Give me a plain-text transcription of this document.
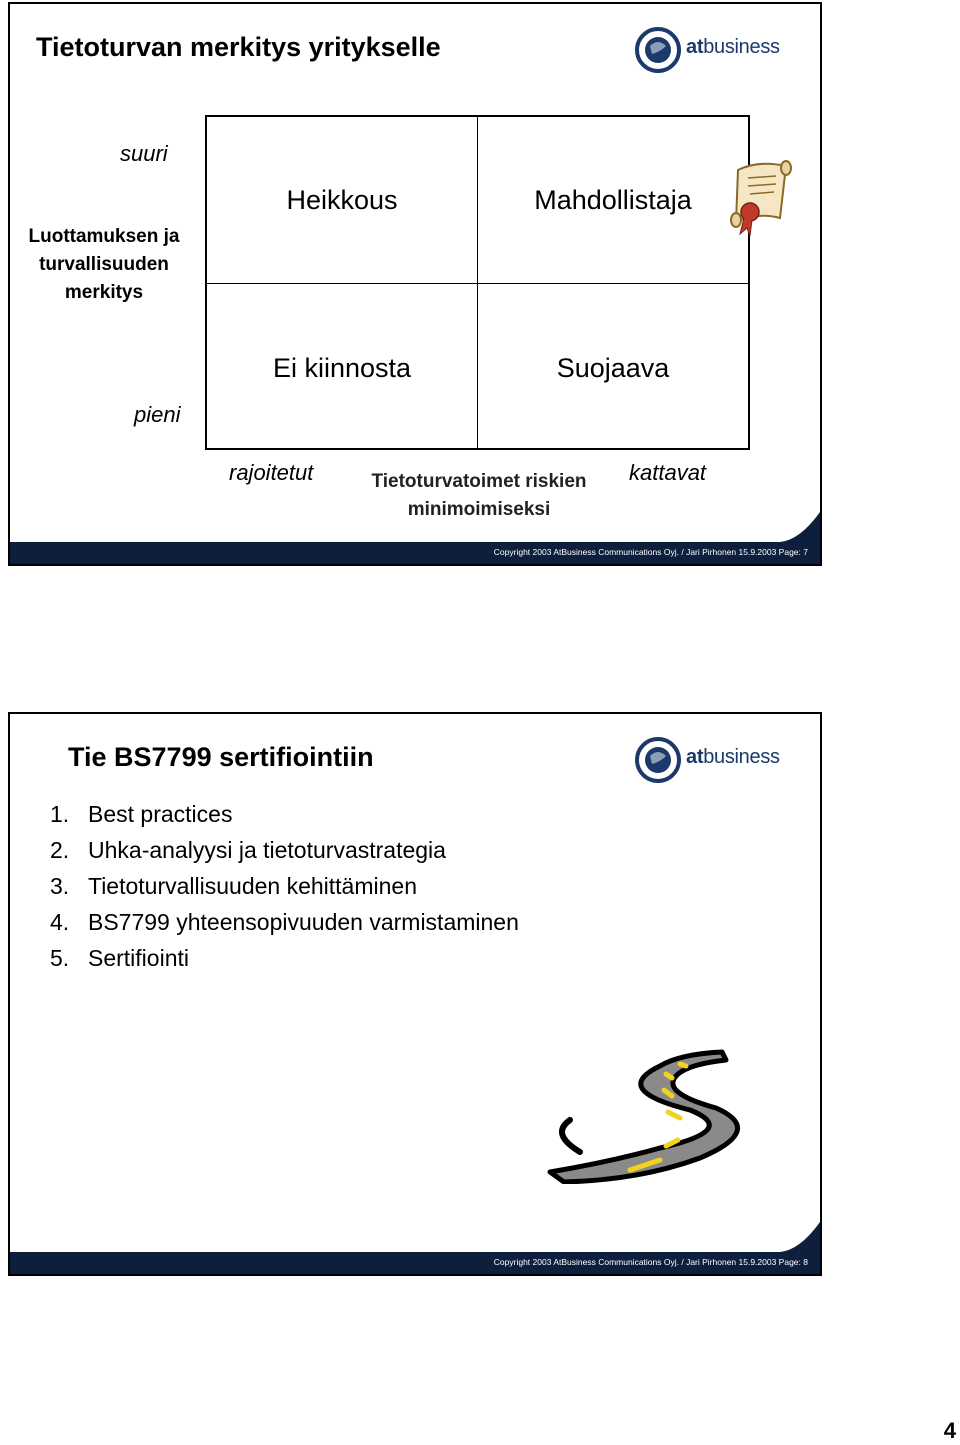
Tietoturvan merkitys yritykselle	atbusiness
suuri
Luottamuksen ja turvallisuuden merkitys
pieni
Heikkous	Mahdollistaja
Ei kiinnosta	Suojaava
rajoitetut	Tietoturvatoimet riskien minimoimiseksi
kattavat
Copyright 2003 AtBusiness Communications Oyj. / Jari Pirhonen 15.9.2003 Page: 7
Tie BS7799 sertifiointiin	atbusiness
1. Best practices
2. Uhka-analyysi ja tietoturvastrategia
3. Tietoturvallisuuden kehittäminen
4. BS7799 yhteensopivuuden varmistaminen
5. Sertifiointi
Copyright 2003 AtBusiness Communications Oyj. / Jari Pirhonen 15.9.2003 Page: 8
4
